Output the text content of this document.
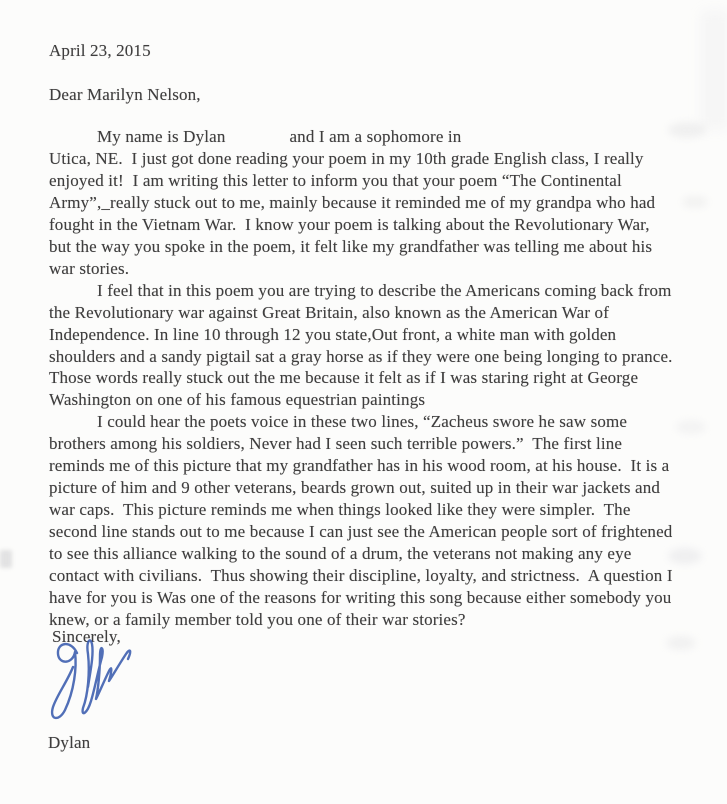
April 23, 2015
Dear Marilyn Nelson,
My name is Dylan	and I am a sophomore in
Utica, NE.  I just got done reading your poem in my 10th grade English class, I really
enjoyed it!  I am writing this letter to inform you that your poem “The Continental
Army”,_really stuck out to me, mainly because it reminded me of my grandpa who had
fought in the Vietnam War.  I know your poem is talking about the Revolutionary War,
but the way you spoke in the poem, it felt like my grandfather was telling me about his
war stories.
I feel that in this poem you are trying to describe the Americans coming back from
the Revolutionary war against Great Britain, also known as the American War of
Independence. In line 10 through 12 you state,Out front, a white man with golden
shoulders and a sandy pigtail sat a gray horse as if they were one being longing to prance.
Those words really stuck out the me because it felt as if I was staring right at George
Washington on one of his famous equestrian paintings
I could hear the poets voice in these two lines, “Zacheus swore he saw some
brothers among his soldiers, Never had I seen such terrible powers.”  The first line
reminds me of this picture that my grandfather has in his wood room, at his house.  It is a
picture of him and 9 other veterans, beards grown out, suited up in their war jackets and
war caps.  This picture reminds me when things looked like they were simpler.  The
second line stands out to me because I can just see the American people sort of frightened
to see this alliance walking to the sound of a drum, the veterans not making any eye
contact with civilians.  Thus showing their discipline, loyalty, and strictness.  A question I
have for you is Was one of the reasons for writing this song because either somebody you
knew, or a family member told you one of their war stories?
Sincerely,
Dylan
